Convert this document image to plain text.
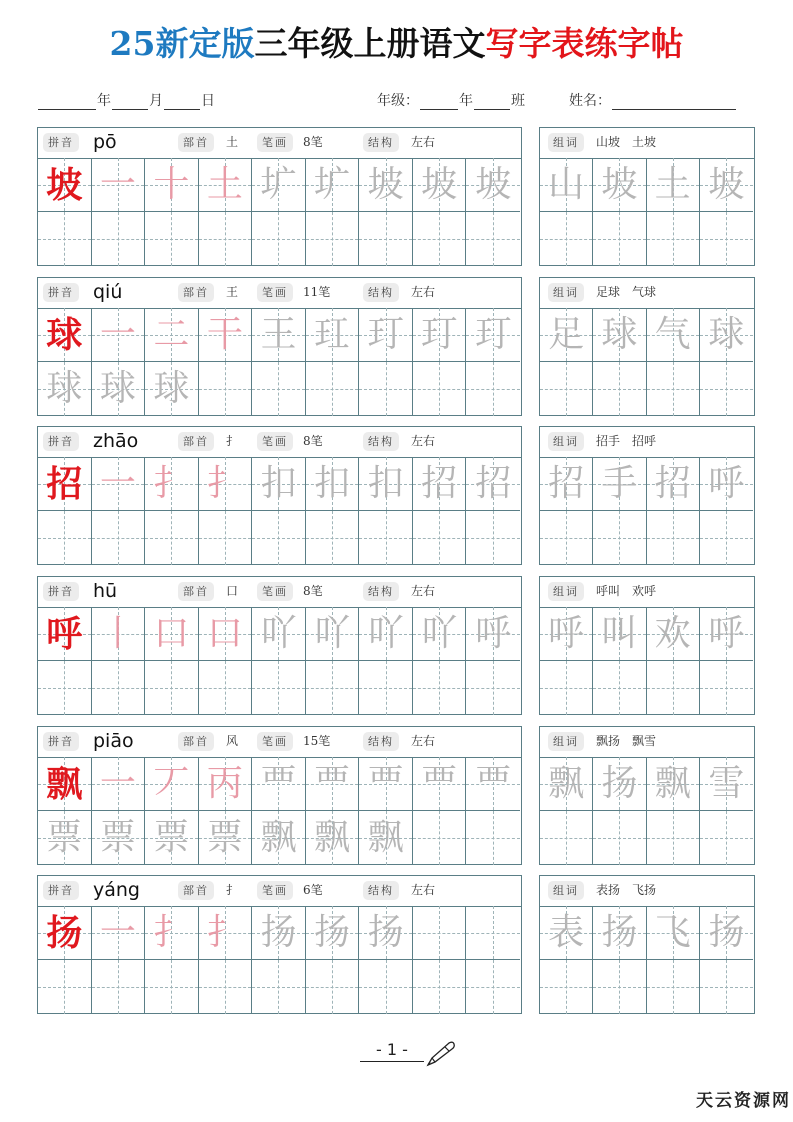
25新定版三年级上册语文写字表练字帖
年	月	日	年级：	年	班	姓名：
拼音 pō	部首	土	笔画	8笔	结构	左右
坡 一 十 土 圹 圹 坡 坡 坡
组词	山坡　土坡
山 坡 土 坡
拼音 qiú	部首	王	笔画	11笔	结构	左右
球 一 二 干 王 玒 玎 玎 玎
球 球 球
组词	足球　气球
足 球 气 球
拼音 zhāo	部首	扌	笔画	8笔	结构	左右
招 一 扌 扌 扣 扣 扣 招 招
组词	招手　招呼
招 手 招 呼
拼音 hū	部首	口	笔画	8笔	结构	左右
呼 丨 口 口 吖 吖 吖 吖 呼
组词	呼叫　欢呼
呼 叫 欢 呼
拼音 piāo	部首	风	笔画	15笔	结构	左右
飘 一 丆 丙 覀 覀 覀 覀 覀
票 票 票 票 飘 飘 飘
组词	飘扬　飘雪
飘 扬 飘 雪
拼音 yáng	部首	扌	笔画	6笔	结构	左右
扬 一 扌 扌 扬 扬 扬
组词	表扬　飞扬
表 扬 飞 扬
- 1 -
天云资源网
